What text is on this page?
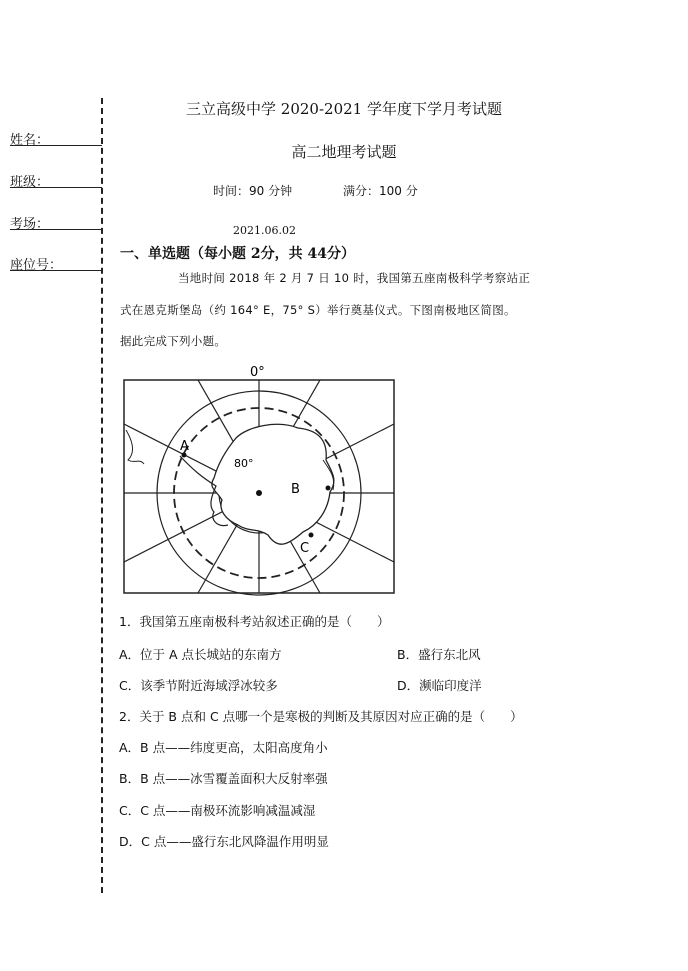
姓名：
班级：
考场：
座位号：
三立高级中学 2020-2021 学年度下学月考试题
高二地理考试题
时间：90 分钟	满分：100 分
2021.06.02
一、单选题（每小题 2分，共 44分）
当地时间 2018 年 2 月 7 日 10 时，我国第五座南极科学考察站正
式在恩克斯堡岛（约 164° E，75° S）举行奠基仪式。下图南极地区简图。
据此完成下列小题。
0°
80°
A
B
C
1．我国第五座南极科考站叙述正确的是（　　）
A．位于 A 点长城站的东南方	B．盛行东北风
C．该季节附近海域浮冰较多	D．濒临印度洋
2．关于 B 点和 C 点哪一个是寒极的判断及其原因对应正确的是（　　）
A．B 点——纬度更高，太阳高度角小
B．B 点——冰雪覆盖面积大反射率强
C．C 点——南极环流影响减温减湿
D．C 点——盛行东北风降温作用明显
